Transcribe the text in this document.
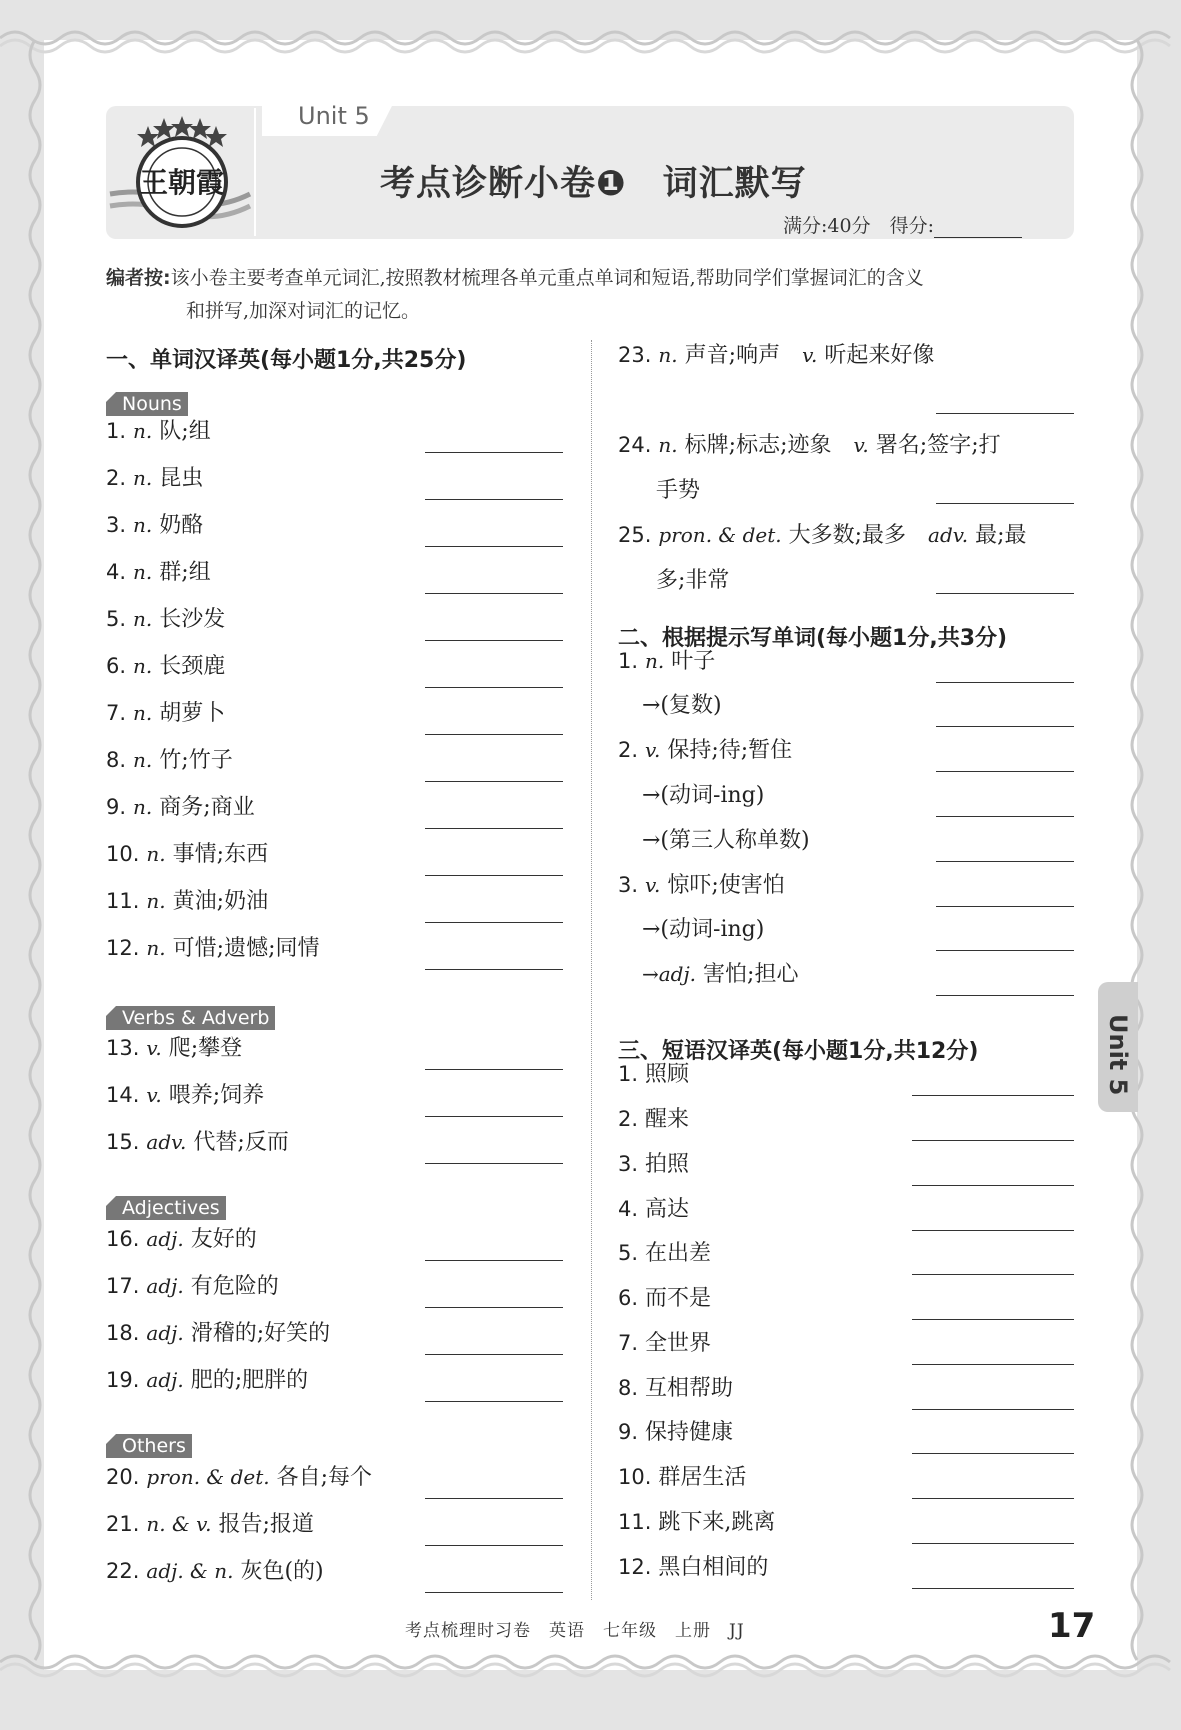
王朝霞
Unit 5
考点诊断小卷❶　词汇默写
满分:40分　得分:
编者按:该小卷主要考查单元词汇,按照教材梳理各单元重点单词和短语,帮助同学们掌握词汇的含义
和拼写,加深对词汇的记忆。
一、单词汉译英(每小题1分,共25分)
Nouns
Verbs & Adverb
Adjectives
Others
1. n. 队;组
2. n. 昆虫
3. n. 奶酪
4. n. 群;组
5. n. 长沙发
6. n. 长颈鹿
7. n. 胡萝卜
8. n. 竹;竹子
9. n. 商务;商业
10. n. 事情;东西
11. n. 黄油;奶油
12. n. 可惜;遗憾;同情
13. v. 爬;攀登
14. v. 喂养;饲养
15. adv. 代替;反而
16. adj. 友好的
17. adj. 有危险的
18. adj. 滑稽的;好笑的
19. adj. 肥的;肥胖的
20. pron. & det. 各自;每个
21. n. & v. 报告;报道
22. adj. & n. 灰色(的)
23. n. 声音;响声　 v. 听起来好像
24. n. 标牌;标志;迹象　 v. 署名;签字;打
手势
25. pron. & det. 大多数;最多　 adv. 最;最
多;非常
二、根据提示写单词(每小题1分,共3分)
1. n. 叶子
→(复数)
2. v. 保持;待;暂住
→(动词-ing)
→(第三人称单数)
3. v. 惊吓;使害怕
→(动词-ing)
→adj. 害怕;担心
三、短语汉译英(每小题1分,共12分)
1. 照顾
2. 醒来
3. 拍照
4. 高达
5. 在出差
6. 而不是
7. 全世界
8. 互相帮助
9. 保持健康
10. 群居生活
11. 跳下来,跳离
12. 黑白相间的
Unit 5
考点梳理时习卷　英语　七年级　上册　JJ	17
